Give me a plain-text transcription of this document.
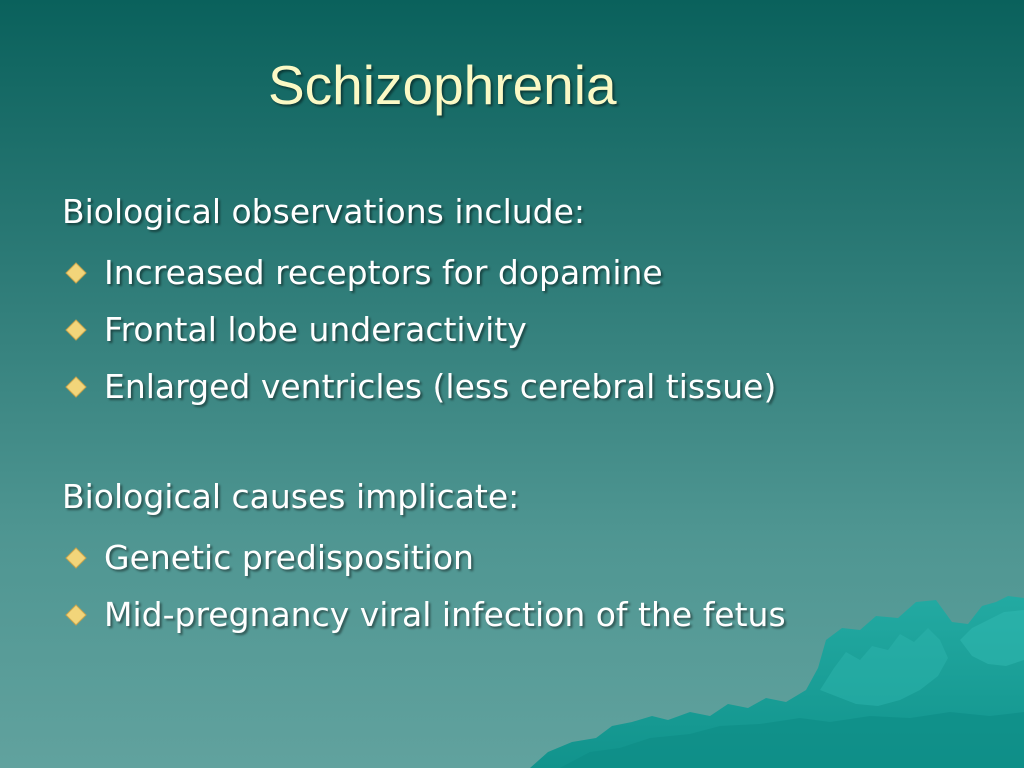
Schizophrenia
Biological observations include:
Increased receptors for dopamine
Frontal lobe underactivity
Enlarged ventricles (less cerebral tissue)
Biological causes implicate:
Genetic predisposition
Mid-pregnancy viral infection of the fetus
